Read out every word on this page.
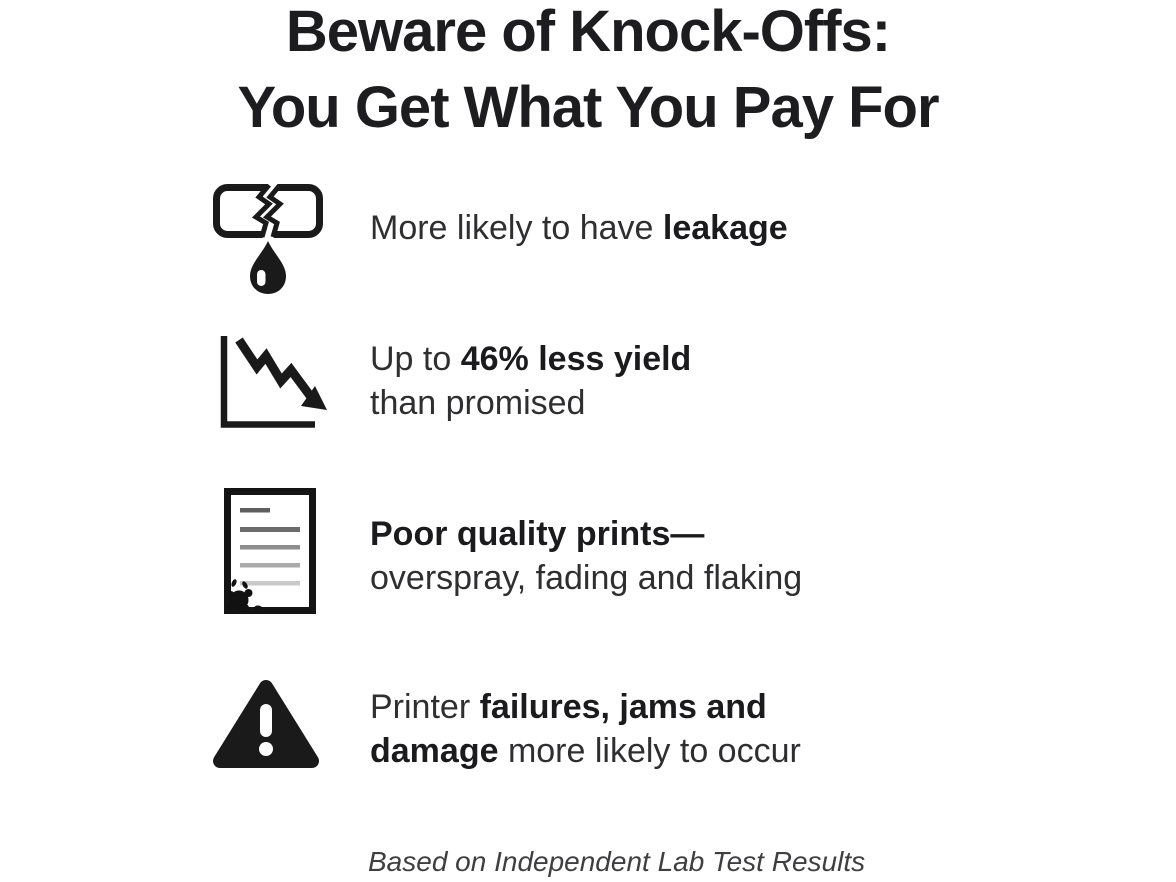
Beware of Knock-Offs:
You Get What You Pay For
More likely to have leakage
Up to 46% less yield
than promised
Poor quality prints—
overspray, fading and flaking
Printer failures, jams and
damage more likely to occur
Based on Independent Lab Test Results
